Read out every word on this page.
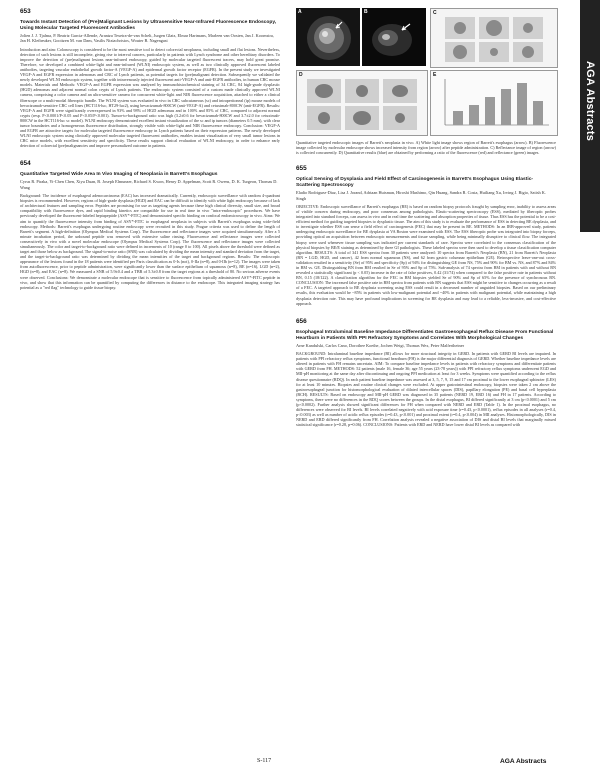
AGA Abstracts
653
Towards Instant Detection of (Pre)Malignant Lesions by Ultrasensitive Near-Infrared Fluorescence Endoscopy, Using Molecular Targeted Fluorescent Antibodies
Jolien J. J. Tjalma, P. Beatriz Garcia-Allende, Arantza Texeira-de-van Schelt, Jurgen Glatz, Elmar Hartmans, Marleen van Oosten, Jan J. Koornstra, Jan H. Kleibeuker, Gooitzen M. van Dam, Vasilis Ntziachristos, Wouter B. Nagengast

Introduction and aim: Colonoscopy is considered to be the most sensitive tool to detect colorectal neoplasms, including small and flat lesions. Nevertheless, detection of such lesions is still incomplete, giving rise to interval cancers, particularly in patients with Lynch syndrome and other hereditary disorders. To improve the detection of (pre)malignant lesions near-infrared endoscopy, guided by molecular targeted fluorescent tracers, may hold great promise. Therefore, we developed a combined white-light and near-infrared (WLNI) endoscopic system, as well as two clinically approved fluorescent labeled antibodies, targeting vascular endothelial growth factor-A (VEGF-A) and epidermal growth factor receptor (EGFR). In the present study we investigated VEGF-A and EGFR expression in adenomas and CRC of Lynch patients, as potential targets for (pre)malignant detection. Subsequently we validated the newly developed WLNI endoscopic system, together with intravenously injected fluorescent anti-VEGF-A and anti-EGFR antibodies, in human CRC mouse models. Materials and Methods: VEGF-A and EGFR expression was analyzed by immunohistochemical staining of 34 CRC, 84 high-grade dysplastic (HGD) adenomas and adjacent normal colon crypts of Lynch patients. The endoscopic system consisted of a custom made clinically approved WLNI camera, comprising a color camera and an ultra-sensitive camera for concurrent white-light and NIR fluorescence acquisition, attached to either a clinical fiberscope or a multi-modal fiberoptic bundle. The WLNI system was evaluated in vivo in CRC subcutaneous (sc) and intraperitoneal (ip) mouse models of bevacizumab-sensitive CRC cell lines (HCT116-luc, HT29-luc2), using bevacizumab-800CW (anti-VEGF-A) and cetuximab-800CW (anti-EGFR). Results: VEGF-A and EGFR were significantly overexpressed in 93% and 98% of HGD adenomas and in 100% and 85% of CRC, compared to adjacent normal crypts (resp. P<0.0001/P<0.05 and P<0.05/P<0.001). Tumor-to-background ratio was high (3.2±0.6 for bevacizumab-800CW and 3.7±2.0 for cetuximab-800CW in the HCT116-luc sc model). WLNI endoscopy demonstrated excellent instant visualization of the sc and ip tumors (diameters 0.5 mm), with clear tumor boundaries and a homogeneous fluorescence distribution, strongly visible with white-light and NIR fluorescence endoscopy. Conclusion: VEGF-A and EGFR are attractive targets for molecular targeted fluorescence endoscopy in Lynch patients based on their expression patterns. The newly developed WLNI endoscopic system using clinically approved molecular targeted fluorescent antibodies, enables instant visualization of very small tumor lesions in CRC mice models, with excellent sensitivity and specificity. These results support clinical evaluation of WLNI endoscopy, in order to enhance early detection of colorectal (pre)malignancies and improve personalized outcome in patients.

654
Quantitative Targeted Wide Area In Vivo Imaging of Neoplasia in Barrett's Esophagus
Cyrus R. Piraka, Yi-Chen Chen, Xiyu Duan, B. Joseph Elmunzer, Richard S. Kwon, Henry D. Appelman, Scott R. Owens, D. K. Turgeon, Thomas D. Wang

Background: The incidence of esophageal adenocarcinoma (EAC) has increased dramatically. Currently, endoscopic surveillance with random 4-quadrant biopsies is recommended. However, regions of high-grade dysplasia (HGD) and EAC can be difficult to identify with white light endoscopy because of lack of architectural features and sampling error. Peptides are promising for use as targeting agents because these high clinical diversity, small size, and broad compatibility with fluorescence dyes, and rapid binding kinetics are compatible for use in real time in vivo "intra-endoscopic" procedures. We have previously developed the fluorescent-labeled heptapeptide (ASY*-FITC) and demonstrated specific binding on confocal endomicroscopy in vivo. Aims: We aim to quantify the fluorescence intensity from binding of ASY*-FITC to esophageal neoplasia in subjects with Barrett's esophagus using wide-field endoscopy. Methods: Barrett's esophagus undergoing routine endoscopy were recruited in this study. Prague criteria was used to define the length of Barrett's segment. A high-definition (Olympus Medical Systems Corp). The fluorescence and reflectance images were acquired simultaneously. After a 5 minute incubation period, the unbound peptide was removed with extensive saline rinsing. Fluorescence and reflectance images were collected consecutively in vivo with a novel molecular endoscope (Olympus Medical Systems Corp). The fluorescence and reflectance images were collected simultaneously. The color and target-to-background ratio were defined in increments of 10 (range 0 to 100). All pixels above the threshold were defined as target and those below as background. The signal-to-noise ratio (SNR) was calculated by dividing the mean intensity and standard deviation from the target, and the target-to-background ratio was determined by dividing the mean intensities of the target and background regions. Results: The endoscopic appearance of the lesions found in the 18 patients were identified per Paris classification as 0-Is (not), 0-IIa (n=8), and 0-IIb (n=12). The images were taken from autofluorescence, prior to peptide administration, were significantly lower than the surface epithelium of squamous (n=8), BE (n=16), LGD (n=2), HGD (n=8), and EAC (n=8). We measured a SNR of 5.9±0.4 and a TBR of 5.3±0.8 from the target regions at a threshold of 80. No serious adverse events were observed. Conclusions: We demonstrate a molecular endoscope that is sensitive to fluorescence from topically administered ASY*-FITC peptide in vivo, and show that this information can be quantified by computing the differences in distance to the endoscope. This integrated imaging strategy has potential as a "red flag" technology to guide tissue biopsy.

A	B	C
D	E
Quantitative targeted endoscopic images of Barrett's neoplasia in vivo. A) White light image shows region of Barrett's esophagus (arrow). B) Fluorescence image collected by molecular endoscope shows increased intensity from region (arrow) after peptide administration. C) Reflectance image of region (arrow) is collected concurrently. D) Quantitative results (blue) are obtained by performing a ratio of the fluorescence (red) and reflectance (green) images.
655
Optical Sensing of Dysplasia and Field Effect of Carcinogenesis in Barrett's Esophagus Using Elastic-Scattering Spectroscopy
Eladio Rodriguez-Diaz, Lisa J. Jorand, Adriaan Huisman, Hiroshi Mashimo, Qin Huang, Sandra R. Costa, Huiliang Xu, Irving J. Bigio, Satish K. Singh

OBJECTIVE: Endoscopic surveillance of Barrett's esophagus (BE) is based on random biopsy protocols fraught by sampling error, inability to assess areas of visible concern during endoscopy, and poor consensus among pathologists. Elastic-scattering spectroscopy (ESS), mediated by fiberoptic probes integrated into standard forceps, can assess in vivo and in real time the scattering and absorption properties of tissue. Thus ESS has the potential to be a cost-efficient method for guiding targeted biopsies to dysplastic tissue. The aim of this study is to evaluate the performance of ESS in detecting BE dysplasia, and to investigate whether ESS can sense a field effect of carcinogenesis (FEC) that may be present in BE. METHODS: In an IRB-approved study, patients undergoing endoscopic surveillance for BE dysplasia at VA Boston were examined with ESS. The ESS fiberoptic probe was integrated into biopsy forceps, providing optical an acquisition between endoscopic measurements and tissue sampling, while being minimally disruptive to clinical flow. The integrated biopsy were used whenever tissue sampling was indicated per current standards of care. Spectra were correlated to the consensus classification of the physical biopsies by BE/E staining as determined by three GI pathologists. These labeled spectra were then used to develop a tissue classification computer algorithm. RESULTS: A total of 341 ESS spectra from 30 patients were analyzed: 10 spectra from Barrett's Neoplasia (BN), 21 from Barrett's Neoplasia (BN = LGD, HGD, and cancer), 42 from normal squamous (NS), and 62 from gastric columnar epithelium (GE). Retrospective leave-one-out cross-validation resulted in a sensitivity (Se) of 95% and specificity (Sp) of 94% for distinguishing GE from NS, 75% and 90% for BM vs. NS, and 87% and 84% in BM vs. GE. Distinguishing BN from BM resulted in Se of 95% and Sp of 75%. Sub-analysis of 74 spectra from BM in patients with and without BN revealed a statistically significant (p < 0.05) increase in the rate of false positives, 0.42 (31/74) when compared to the false positive rate in patients without BN, 0.15 (18/122). A classification algorithm for the FEC in BM biopsies yielded Se of 90% and Sp of 65% for the presence of synchronous BN. CONCLUSION: The increased false positive rate in BM spectra from patients with BN suggests that ESS might be sensitive to changes occurring as a result of a FEC. A targeted approach to BE dysplasia screening using ESS could result in a decreased number of unguided biopsies. Based on our preliminary results, this evaluation would be ~85% in patients with low-malignant potential and ~40% in patients with malignant potential, while maintaining a high dysplasia detection rate. This may have profound implications in screening for BE dysplasia and may lead to a reliable, less-invasive, and cost-effective approach.

656
Esophageal Intraluminal Baseline Impedance Differentiates Gastroesophageal Reflux Disease From Functional Heartburn in Patients With PPI Refractory Symptoms and Correlates With Morphological Changes
Arne Kandulski, Carlos Cano, Dorothee Koethe, Jochen Weigt, Thomas Wex, Peter Malfertheiner

BACKGROUND: Intraluminal baseline impedance (BI) allows for more structural integrity in GERD. In patients with GERD BI levels are impaired. In patients with PPI refractory reflux symptoms, functional heartburn (FH) is the major differential diagnosis of GERD. Whether baseline impedance levels are altered in patients with FH remains uncertain. AIM: To compare baseline impedance levels in patients with refractory symptoms and differentiate patients with GERD from FH. METHODS: 52 patients (male 16, female 36; age 55 years (23-78 years)) with PPI refractory reflux symptoms underwent EGD and MII-pH monitoring at the same day after discontinuing and ongoing PPI medication at least for 3 weeks. Symptoms were quantified according to the reflux disease questionnaire (RDQ). In each patient baseline impedance was assessed at 3, 5, 7, 9, 15 and 17 cm proximal to the lower esophageal sphincter (LES) for at least 10 minutes. Biopsies and routine clinical changes were excluded. At upper gastrointestinal endoscopy, biopsies were taken 2 cm above the gastroesophageal junction for histomorphological evaluation of dilated intercellular spaces (DIS), papillary elongation (PE) and basal cell hyperplasia (BCH). RESULTS: Based on endoscopy and MII-pH GERD was diagnosed in 35 patients (NERD 19, ERD 16) and FH in 17 patients. According to symptoms, there were no differences in the RDQ scores between the groups. In the distal esophagus, BI differed significantly at 3 cm (p<0.0001) and 5 cm (p<0.0002). Further analysis showed significant differences for FH when compared with NERD and ERD (Table 1). In the proximal esophagus, no differences were observed for BI levels. BI levels correlated negatively with acid exposure time (r=0.43, p<0.0001), reflux episodes in all analyses (r=0.4, p<0.003) as well as number of acidic reflux episodes (r=0.43, p<0.001) and proximal extent (r=0.4, p<0.004) in MII analyses. Histomorphologically, DIS in NERD and ERD differed significantly from FH. Correlation analysis revealed a negative association of DIS and distal BI levels that marginally missed statistical significance (r=0.28, p=0.06). CONCLUSIONS: Patients with ERD and NERD have lower distal BI levels as compared with

S-117	AGA Abstracts
